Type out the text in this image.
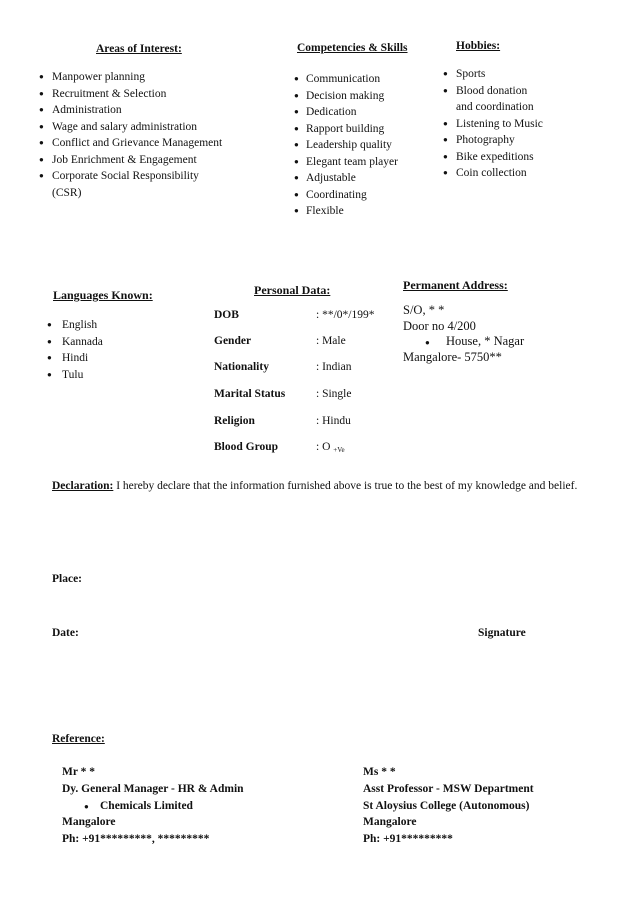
Areas of Interest:
● Manpower planning
● Recruitment & Selection
● Administration
● Wage and salary administration
● Conflict and Grievance Management
● Job Enrichment & Engagement
● Corporate Social Responsibility
(CSR)
Competencies & Skills
● Communication
● Decision making
● Dedication
● Rapport building
● Leadership quality
● Elegant team player
● Adjustable
● Coordinating
● Flexible
Hobbies:
● Sports
● Blood donation
and coordination
● Listening to Music
● Photography
● Bike expeditions
● Coin collection
Languages Known:
● English
● Kannada
● Hindi
● Tulu
Personal Data:
DOB	: **/0*/199*
Gender	: Male
Nationality	: Indian
Marital Status	: Single
Religion	: Hindu
Blood Group	: O +Ve
Permanent Address:
S/O, * *
Door no 4/200
● House, * Nagar
Mangalore- 5750**
Declaration: I hereby declare that the information furnished above is true to the best of my knowledge and belief.
Place:
Date:	Signature
Reference:
Mr * *
Dy. General Manager - HR & Admin
● Chemicals Limited
Mangalore
Ph: +91*********, *********
Ms * *
Asst Professor - MSW Department
St Aloysius College (Autonomous)
Mangalore
Ph: +91*********
